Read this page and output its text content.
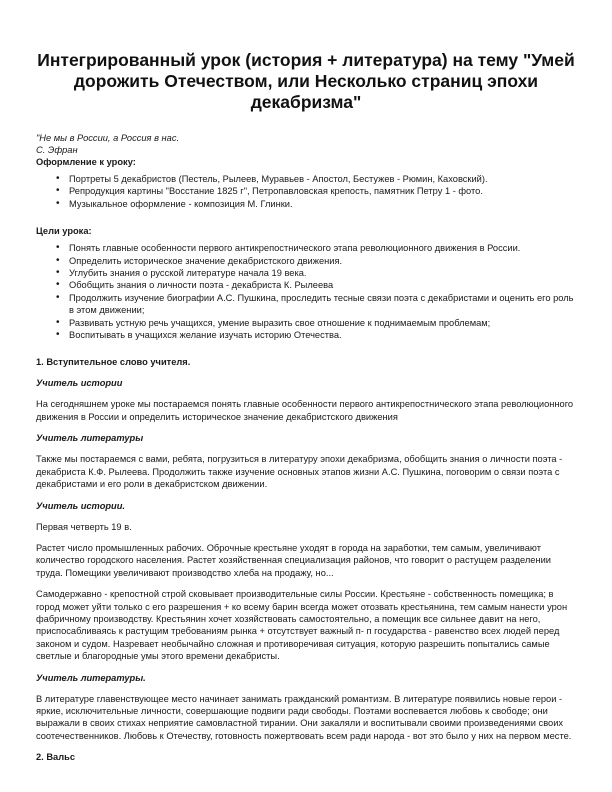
Интегрированный урок (история + литература) на тему "Умей дорожить Отечеством, или Несколько страниц эпохи декабризма"

"Не мы в России, а Россия в нас.

С. Эфран

Оформление к уроку:

• Портреты 5 декабристов (Пестель, Рылеев, Муравьев - Апостол, Бестужев - Рюмин, Каховский).
• Репродукция картины "Восстание 1825 г", Петропавловская крепость, памятник Петру 1 - фото.
• Музыкальное оформление - композиция М. Глинки.

Цели урока:

• Понять главные особенности первого антикрепостнического этапа революционного движения в России.
• Определить историческое значение декабристского движения.
• Углубить знания о русской литературе начала 19 века.
• Обобщить знания о личности поэта - декабриста К. Рылеева
• Продолжить изучение биографии А.С. Пушкина, проследить тесные связи поэта с декабристами и оценить его роль в этом движении;
• Развивать устную речь учащихся, умение выразить свое отношение к поднимаемым проблемам;
• Воспитывать в учащихся желание изучать историю Отечества.

1. Вступительное слово учителя.

Учитель истории

На сегодняшнем уроке мы постараемся понять главные особенности первого антикрепостнического этапа революционного движения в России и определить историческое значение декабристского движения

Учитель литературы

Также мы постараемся с вами, ребята, погрузиться в литературу эпохи декабризма, обобщить знания о личности поэта - декабриста К.Ф. Рылеева. Продолжить также изучение основных этапов жизни А.С. Пушкина, поговорим о связи поэта с декабристами и его роли в декабристском движении.

Учитель истории.

Первая четверть 19 в.

Растет число промышленных рабочих. Оброчные крестьяне уходят в города на заработки, тем самым, увеличивают количество городского населения. Растет хозяйственная специализация районов, что говорит о растущем разделении труда. Помещики увеличивают производство хлеба на продажу, но...

Самодержавно - крепостной строй сковывает производительные силы России. Крестьяне - собственность помещика; в город может уйти только с его разрешения + ко всему барин всегда может отозвать крестьянина, тем самым нанести урон фабричному производству. Крестьянин хочет хозяйствовать самостоятельно, а помещик все сильнее давит на него, приспосабливаясь к растущим требованиям рынка + отсутствует важный п- п государства - равенство всех людей перед законом и судом. Назревает необычайно сложная и противоречивая ситуация, которую разрешить попытались самые светлые и благородные умы этого времени декабристы.

Учитель литературы.

В литературе главенствующее место начинает занимать гражданский романтизм. В литературе появились новые герои - яркие, исключительные личности, совершающие подвиги ради свободы. Поэтами воспевается любовь к свободе; они выражали в своих стихах неприятие самовластной тирании. Они закаляли и воспитывали своими произведениями своих соотечественников. Любовь к Отечеству, готовность пожертвовать всем ради народа - вот это было у них на первом месте.

2. Вальс
